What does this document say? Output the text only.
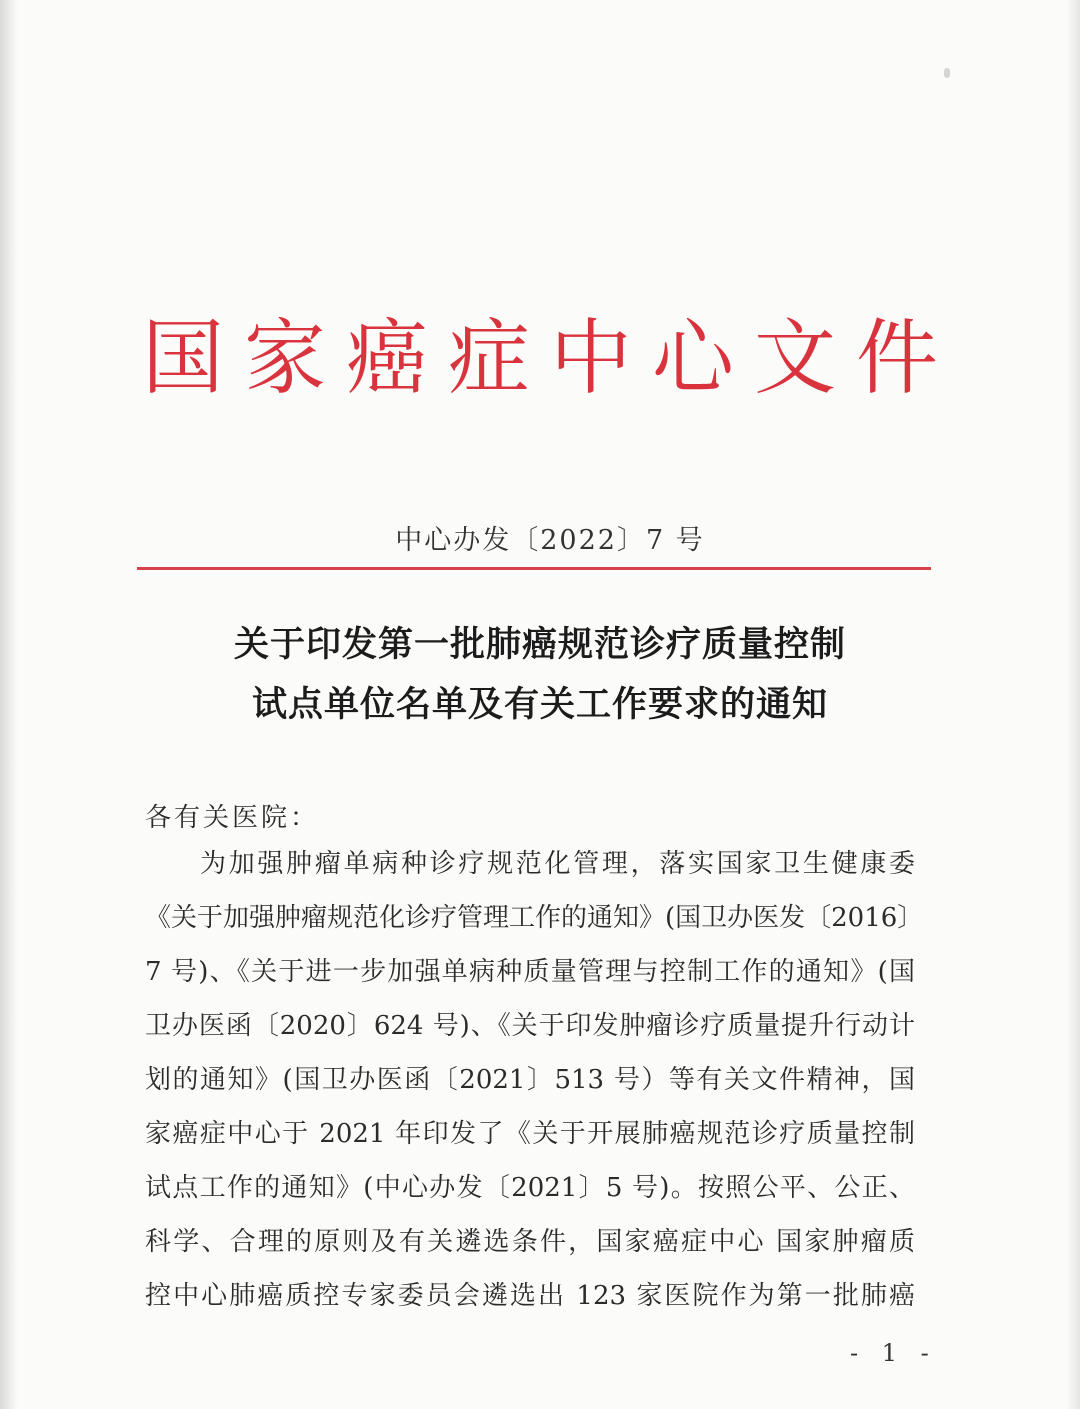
国家癌症中心文件
中心办发〔2022〕7 号
关于印发第一批肺癌规范诊疗质量控制
试点单位名单及有关工作要求的通知
各有关医院：
为加强肿瘤单病种诊疗规范化管理，落实国家卫生健康委
《关于加强肿瘤规范化诊疗管理工作的通知》(国卫办医发〔2016〕
7 号)、《关于进一步加强单病种质量管理与控制工作的通知》(国
卫办医函〔2020〕624 号)、《关于印发肿瘤诊疗质量提升行动计
划的通知》(国卫办医函〔2021〕513 号）等有关文件精神，国
家癌症中心于 2021 年印发了《关于开展肺癌规范诊疗质量控制
试点工作的通知》(中心办发〔2021〕5 号)。按照公平、公正、
科学、合理的原则及有关遴选条件，国家癌症中心 国家肿瘤质
控中心肺癌质控专家委员会遴选出 123 家医院作为第一批肺癌
- 1 -
